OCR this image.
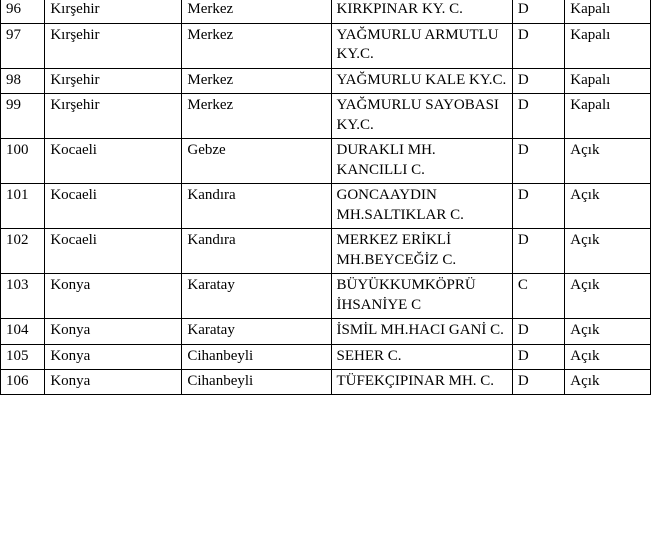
96	Kırşehir	Merkez	KIRKPINAR KY. C.	D	Kapalı
97	Kırşehir	Merkez	YAĞMURLU ARMUTLU KY.C.	D	Kapalı
98	Kırşehir	Merkez	YAĞMURLU KALE KY.C.	D	Kapalı
99	Kırşehir	Merkez	YAĞMURLU SAYOBASI KY.C.	D	Kapalı
100	Kocaeli	Gebze	DURAKLI MH. KANCILLI C.	D	Açık
101	Kocaeli	Kandıra	GONCAAYDIN MH.SALTIKLAR C.	D	Açık
102	Kocaeli	Kandıra	MERKEZ ERİKLİ MH.BEYCEĞİZ C.	D	Açık
103	Konya	Karatay	BÜYÜKKUMKÖPRÜ İHSANİYE C	C	Açık
104	Konya	Karatay	İSMİL MH.HACI GANİ C.	D	Açık
105	Konya	Cihanbeyli	SEHER C.	D	Açık
106	Konya	Cihanbeyli	TÜFEKÇIPINAR MH. C.	D	Açık
